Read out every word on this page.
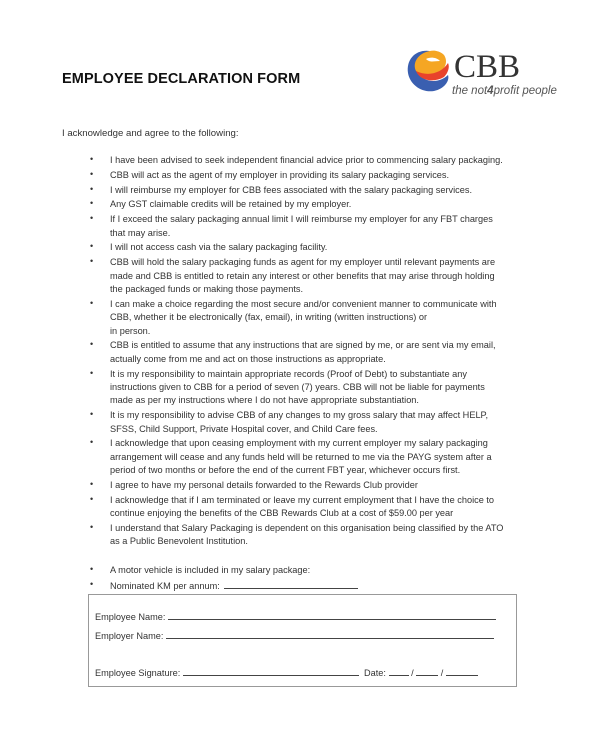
EMPLOYEE DECLARATION FORM	CBB
the not4profit people
I acknowledge and agree to the following:
• I have been advised to seek independent financial advice prior to commencing salary packaging.
• CBB will act as the agent of my employer in providing its salary packaging services.
• I will reimburse my employer for CBB fees associated with the salary packaging services.
• Any GST claimable credits will be retained by my employer.
• If I exceed the salary packaging annual limit I will reimburse my employer for any FBT charges
that may arise.
• I will not access cash via the salary packaging facility.
• CBB will hold the salary packaging funds as agent for my employer until relevant payments are
made and CBB is entitled to retain any interest or other benefits that may arise through holding
the packaged funds or making those payments.
• I can make a choice regarding the most secure and/or convenient manner to communicate with
CBB, whether it be electronically (fax, email), in writing (written instructions) or
in person.
• CBB is entitled to assume that any instructions that are signed by me, or are sent via my email,
actually come from me and act on those instructions as appropriate.
• It is my responsibility to maintain appropriate records (Proof of Debt) to substantiate any
instructions given to CBB for a period of seven (7) years. CBB will not be liable for payments
made as per my instructions where I do not have appropriate substantiation.
• It is my responsibility to advise CBB of any changes to my gross salary that may affect HELP,
SFSS, Child Support, Private Hospital cover, and Child Care fees.
• I acknowledge that upon ceasing employment with my current employer my salary packaging
arrangement will cease and any funds held will be returned to me via the PAYG system after a
period of two months or before the end of the current FBT year, whichever occurs first.
• I agree to have my personal details forwarded to the Rewards Club provider
• I acknowledge that if I am terminated or leave my current employment that I have the choice to
continue enjoying the benefits of the CBB Rewards Club at a cost of $59.00 per year
• I understand that Salary Packaging is dependent on this organisation being classified by the ATO
as a Public Benevolent Institution.
• A motor vehicle is included in my salary package:
• Nominated KM per annum:
Employee Name:
Employer Name:
Employee Signature:	Date:	/	/
